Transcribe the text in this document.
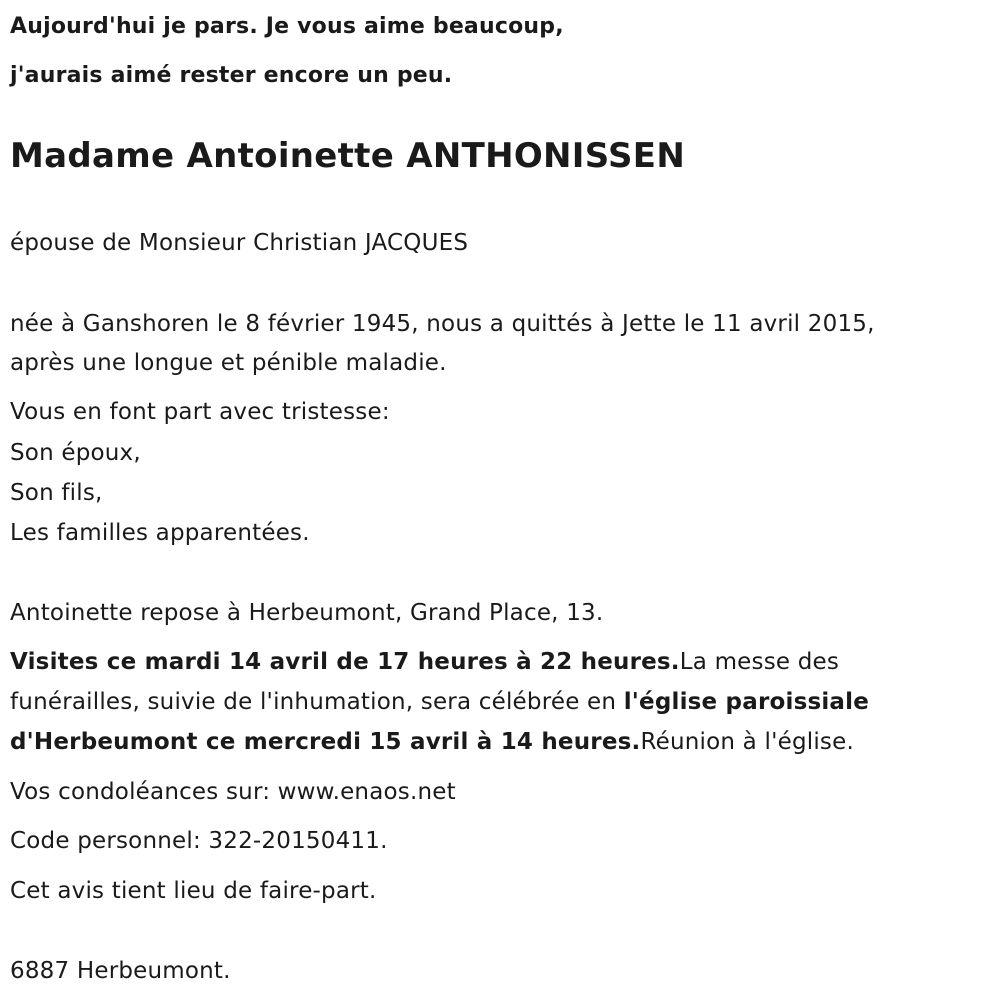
Aujourd'hui je pars. Je vous aime beaucoup,
j'aurais aimé rester encore un peu.
Madame Antoinette ANTHONISSEN
épouse de Monsieur Christian JACQUES
née à Ganshoren le 8 février 1945, nous a quittés à Jette le 11 avril 2015,
après une longue et pénible maladie.
Vous en font part avec tristesse:
Son époux,
Son fils,
Les familles apparentées.
Antoinette repose à Herbeumont, Grand Place, 13.
Visites ce mardi 14 avril de 17 heures à 22 heures.La messe des
funérailles, suivie de l'inhumation, sera célébrée en l'église paroissiale
d'Herbeumont ce mercredi 15 avril à 14 heures.Réunion à l'église.
Vos condoléances sur: www.enaos.net
Code personnel: 322-20150411.
Cet avis tient lieu de faire-part.
6887 Herbeumont.
